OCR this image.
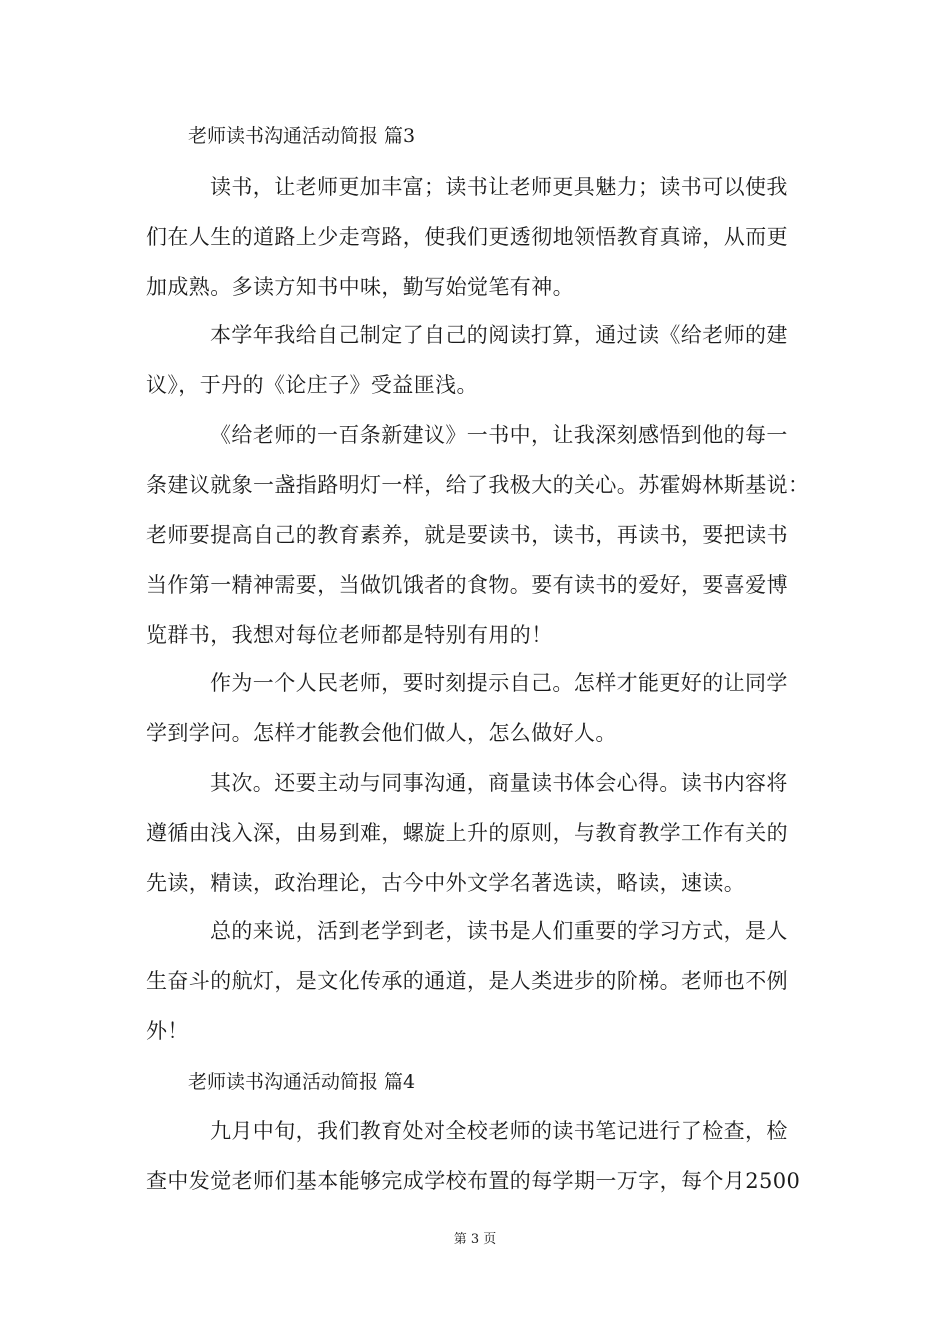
老师读书沟通活动简报 篇3
读书，让老师更加丰富；读书让老师更具魅力；读书可以使我
们在人生的道路上少走弯路，使我们更透彻地领悟教育真谛，从而更
加成熟。多读方知书中味，勤写始觉笔有神。
本学年我给自己制定了自己的阅读打算，通过读《给老师的建
议》，于丹的《论庄子》受益匪浅。
《给老师的一百条新建议》一书中，让我深刻感悟到他的每一
条建议就象一盏指路明灯一样，给了我极大的关心。苏霍姆林斯基说：
老师要提高自己的教育素养，就是要读书，读书，再读书，要把读书
当作第一精神需要，当做饥饿者的食物。要有读书的爱好，要喜爱博
览群书，我想对每位老师都是特别有用的！
作为一个人民老师，要时刻提示自己。怎样才能更好的让同学
学到学问。怎样才能教会他们做人，怎么做好人。
其次。还要主动与同事沟通，商量读书体会心得。读书内容将
遵循由浅入深，由易到难，螺旋上升的原则，与教育教学工作有关的
先读，精读，政治理论，古今中外文学名著选读，略读，速读。
总的来说，活到老学到老，读书是人们重要的学习方式，是人
生奋斗的航灯，是文化传承的通道，是人类进步的阶梯。老师也不例
外！
老师读书沟通活动简报 篇4
九月中旬，我们教育处对全校老师的读书笔记进行了检查，检
查中发觉老师们基本能够完成学校布置的每学期一万字，每个月2500
第 3 页
